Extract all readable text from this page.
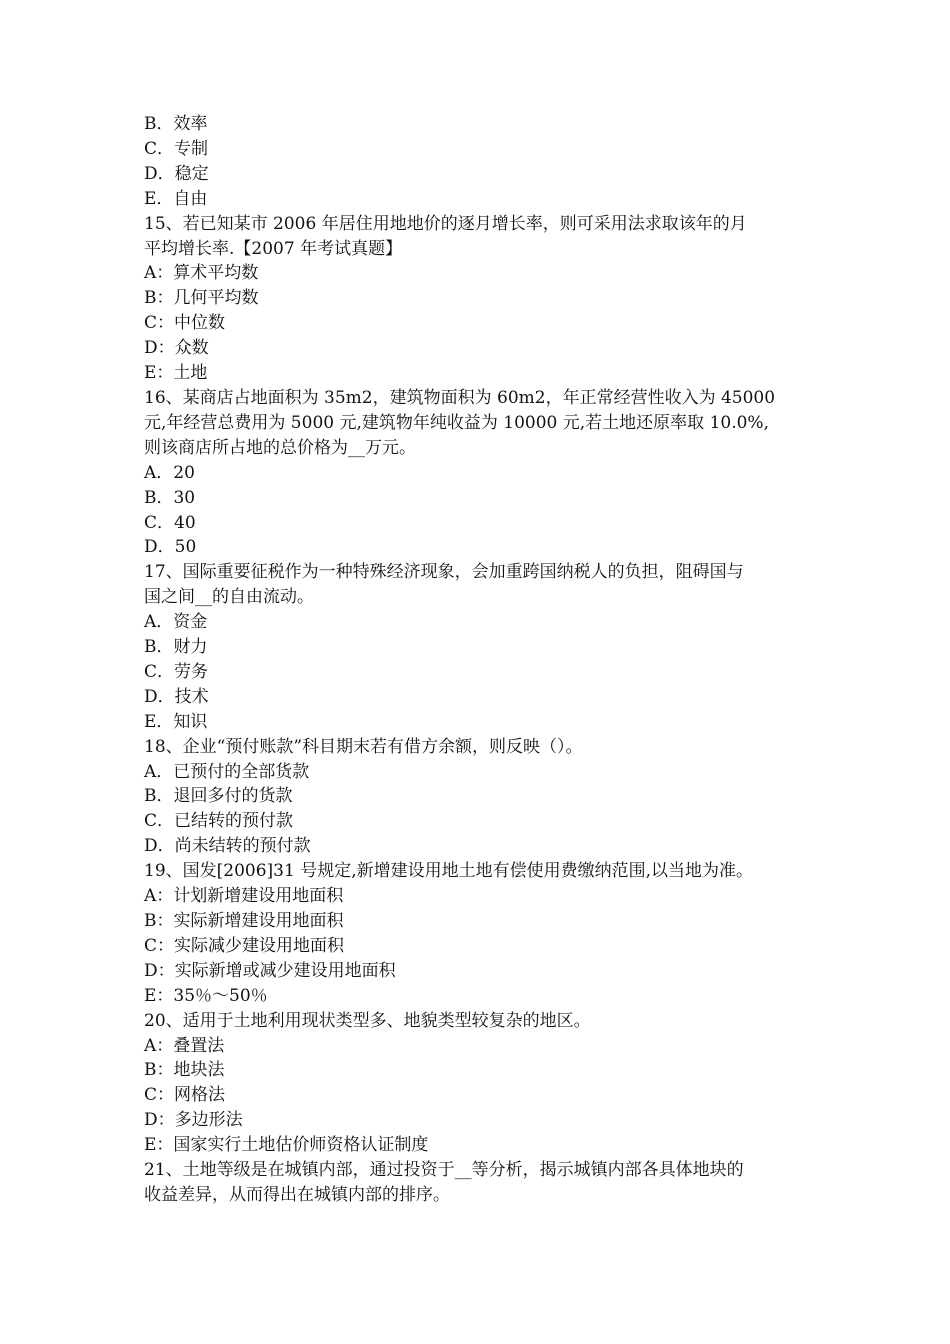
B．效率
C．专制
D．稳定
E．自由
15、若已知某市 2006 年居住用地地价的逐月增长率，则可采用法求取该年的月
平均增长率.【2007 年考试真题】
A：算术平均数
B：几何平均数
C：中位数
D：众数
E：土地
16、某商店占地面积为 35m2，建筑物面积为 60m2，年正常经营性收入为 45000
元,年经营总费用为 5000 元,建筑物年纯收益为 10000 元,若土地还原率取 10.0%,
则该商店所占地的总价格为__万元。
A．20
B．30
C．40
D．50
17、国际重要征税作为一种特殊经济现象，会加重跨国纳税人的负担，阻碍国与
国之间__的自由流动。
A．资金
B．财力
C．劳务
D．技术
E．知识
18、企业“预付账款”科目期末若有借方余额，则反映（）。
A．已预付的全部货款
B．退回多付的货款
C．已结转的预付款
D．尚未结转的预付款
19、国发[2006]31 号规定,新增建设用地土地有偿使用费缴纳范围,以当地为准。
A：计划新增建设用地面积
B：实际新增建设用地面积
C：实际减少建设用地面积
D：实际新增或减少建设用地面积
E：35％～50％
20、适用于土地利用现状类型多、地貌类型较复杂的地区。
A：叠置法
B：地块法
C：网格法
D：多边形法
E：国家实行土地估价师资格认证制度
21、土地等级是在城镇内部，通过投资于__等分析，揭示城镇内部各具体地块的
收益差异，从而得出在城镇内部的排序。
